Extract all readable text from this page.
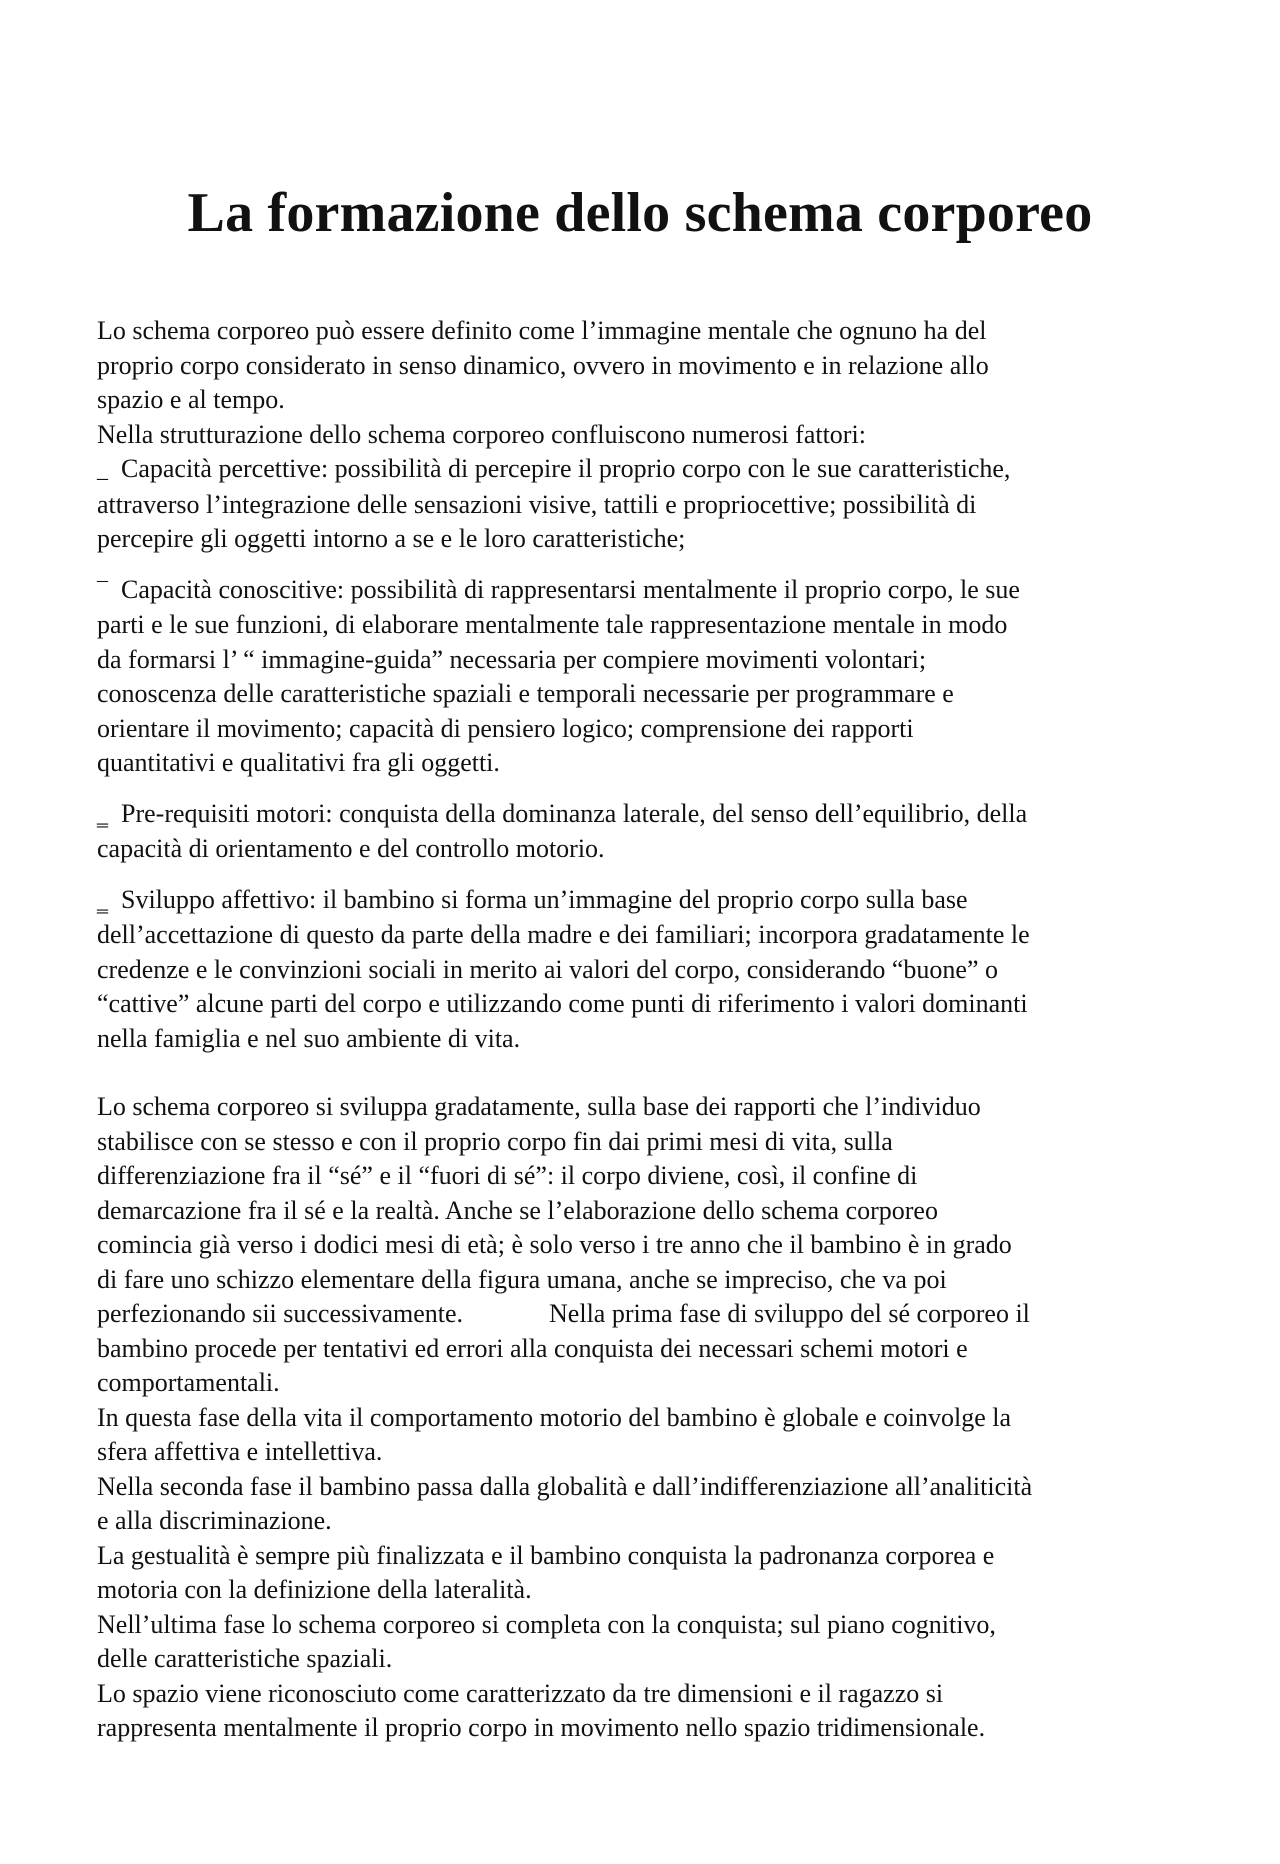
La formazione dello schema corporeo

Lo schema corporeo può essere definito come l’immagine mentale che ognuno ha del
proprio corpo considerato in senso dinamico, ovvero in movimento e in relazione allo
spazio e al tempo.
Nella strutturazione dello schema corporeo confluiscono numerosi fattori:

_ Capacità percettive: possibilità di percepire il proprio corpo con le sue caratteristiche,
attraverso l’integrazione delle sensazioni visive, tattili e propriocettive; possibilità di
percepire gli oggetti intorno a se e le loro caratteristiche;

¯ Capacità conoscitive: possibilità di rappresentarsi mentalmente il proprio corpo, le sue
parti e le sue funzioni, di elaborare mentalmente tale rappresentazione mentale in modo
da formarsi l’ “ immagine-guida” necessaria per compiere movimenti volontari;
conoscenza delle caratteristiche spaziali e temporali necessarie per programmare e
orientare il movimento; capacità di pensiero logico; comprensione dei rapporti
quantitativi e qualitativi fra gli oggetti.

‗ Pre-requisiti motori: conquista della dominanza laterale, del senso dell’equilibrio, della
capacità di orientamento e del controllo motorio.

‗ Sviluppo affettivo: il bambino si forma un’immagine del proprio corpo sulla base
dell’accettazione di questo da parte della madre e dei familiari; incorpora gradatamente le
credenze e le convinzioni sociali in merito ai valori del corpo, considerando “buone” o
“cattive” alcune parti del corpo e utilizzando come punti di riferimento i valori dominanti
nella famiglia e nel suo ambiente di vita.

Lo schema corporeo si sviluppa gradatamente, sulla base dei rapporti che l’individuo
stabilisce con se stesso e con il proprio corpo fin dai primi mesi di vita, sulla
differenziazione fra il “sé” e il “fuori di sé”: il corpo diviene, così, il confine di
demarcazione fra il sé e la realtà. Anche se l’elaborazione dello schema corporeo
comincia già verso i dodici mesi di età; è solo verso i tre anno che il bambino è in grado
di fare uno schizzo elementare della figura umana, anche se impreciso, che va poi
perfezionando sii successivamente.	Nella prima fase di sviluppo del sé corporeo il
bambino procede per tentativi ed errori alla conquista dei necessari schemi motori e
comportamentali.
In questa fase della vita il comportamento motorio del bambino è globale e coinvolge la
sfera affettiva e intellettiva.
Nella seconda fase il bambino passa dalla globalità e dall’indifferenziazione all’analiticità
e alla discriminazione.
La gestualità è sempre più finalizzata e il bambino conquista la padronanza corporea e
motoria con la definizione della lateralità.
Nell’ultima fase lo schema corporeo si completa con la conquista; sul piano cognitivo,
delle caratteristiche spaziali.
Lo spazio viene riconosciuto come caratterizzato da tre dimensioni e il ragazzo si
rappresenta mentalmente il proprio corpo in movimento nello spazio tridimensionale.
